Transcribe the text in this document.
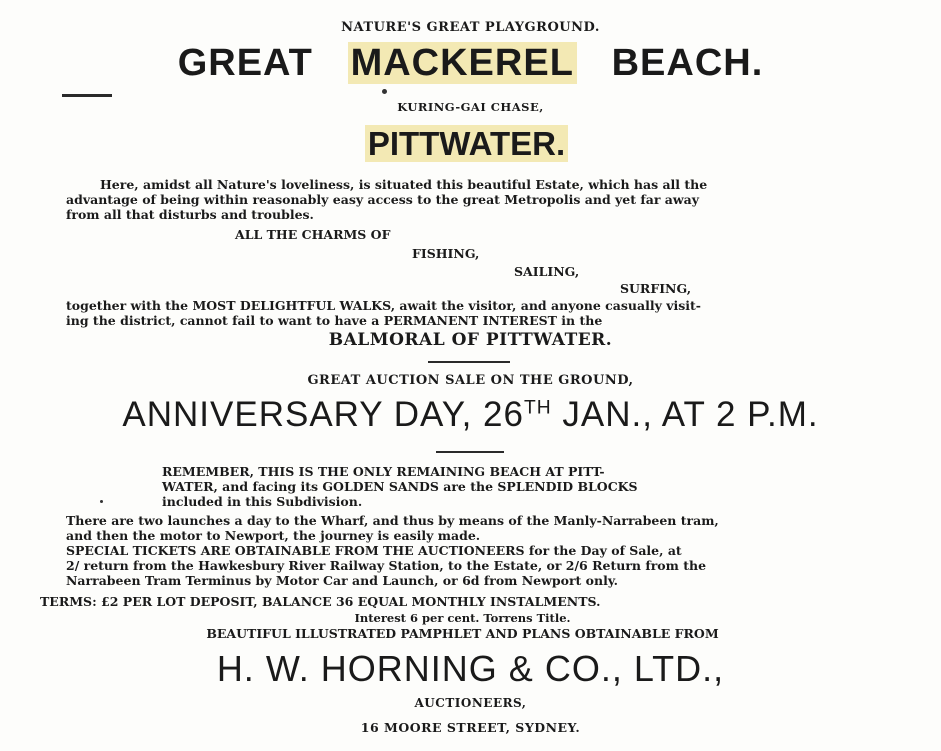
NATURE'S GREAT PLAYGROUND.
GREAT MACKEREL BEACH.
KURING-GAI CHASE,
PITTWATER.
Here, amidst all Nature's loveliness, is situated this beautiful Estate, which has all the
advantage of being within reasonably easy access to the great Metropolis and yet far away
from all that disturbs and troubles.
ALL THE CHARMS OF
FISHING,
SAILING,
SURFING,
together with the MOST DELIGHTFUL WALKS, await the visitor, and anyone casually visit-
ing the district, cannot fail to want to have a PERMANENT INTEREST in the
BALMORAL OF PITTWATER.
GREAT AUCTION SALE ON THE GROUND,
ANNIVERSARY DAY, 26TH JAN., AT 2 P.M.
REMEMBER, THIS IS THE ONLY REMAINING BEACH AT PITT-
WATER, and facing its GOLDEN SANDS are the SPLENDID BLOCKS
included in this Subdivision.
There are two launches a day to the Wharf, and thus by means of the Manly-Narrabeen tram,
and then the motor to Newport, the journey is easily made.
SPECIAL TICKETS ARE OBTAINABLE FROM THE AUCTIONEERS for the Day of Sale, at
2/ return from the Hawkesbury River Railway Station, to the Estate, or 2/6 Return from the
Narrabeen Tram Terminus by Motor Car and Launch, or 6d from Newport only.
TERMS: £2 PER LOT DEPOSIT, BALANCE 36 EQUAL MONTHLY INSTALMENTS.
Interest 6 per cent. Torrens Title.
BEAUTIFUL ILLUSTRATED PAMPHLET AND PLANS OBTAINABLE FROM
H. W. HORNING & CO., LTD.,
AUCTIONEERS,
16 MOORE STREET, SYDNEY.
